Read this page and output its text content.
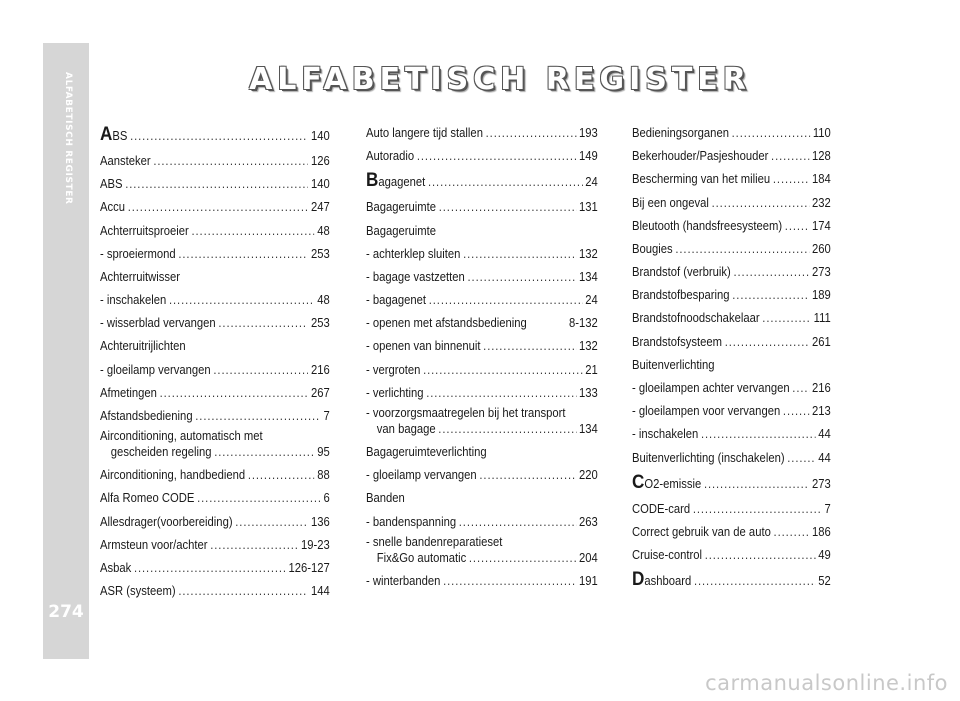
ALFABETISCH REGISTER
274
ALFABETISCH REGISTER
ABS .....	140
Aansteker .....	126
ABS .....	140
Accu .....	247
Achterruitsproeier .....	48
- sproeiermond .....	253
Achterruitwisser
- inschakelen .....	48
- wisserblad vervangen .....	253
Achteruitrijlichten
- gloeilamp vervangen .....	216
Afmetingen .....	267
Afstandsbediening .....	7
Airconditioning, automatisch met
gescheiden regeling .....	95
Airconditioning, handbediend .....	88
Alfa Romeo CODE .....	6
Allesdrager(voorbereiding) .....	136
Armsteun voor/achter .....	19-23
Asbak .....	126-127
ASR (systeem) .....	144
Auto langere tijd stallen .....	193
Autoradio .....	149
Bagagenet .....	24
Bagageruimte .....	131
Bagageruimte
- achterklep sluiten .....	132
- bagage vastzetten .....	134
- bagagenet .....	24
- openen met afstandsbediening	8-132
- openen van binnenuit .....	132
- vergroten .....	21
- verlichting .....	133
- voorzorgsmaatregelen bij het transport
van bagage .....	134
Bagageruimteverlichting
- gloeilamp vervangen .....	220
Banden
- bandenspanning .....	263
- snelle bandenreparatieset
Fix&Go automatic .....	204
- winterbanden .....	191
Bedieningsorganen .....	110
Bekerhouder/Pasjeshouder .....	128
Bescherming van het milieu .....	184
Bij een ongeval .....	232
Bleutooth (handsfreesysteem) ..... 174
Bougies .....	260
Brandstof (verbruik) .....	273
Brandstofbesparing .....	189
Brandstofnoodschakelaar .....	111
Brandstofsysteem .....	261
Buitenverlichting
- gloeilampen achter vervangen ..... 216
- gloeilampen voor vervangen .....	213
- inschakelen .....	44
Buitenverlichting (inschakelen) .....	44
CO2-emissie .....	273
CODE-card .....	7
Correct gebruik van de auto .....	186
Cruise-control .....	49
Dashboard .....	52
carmanualsonline.info
